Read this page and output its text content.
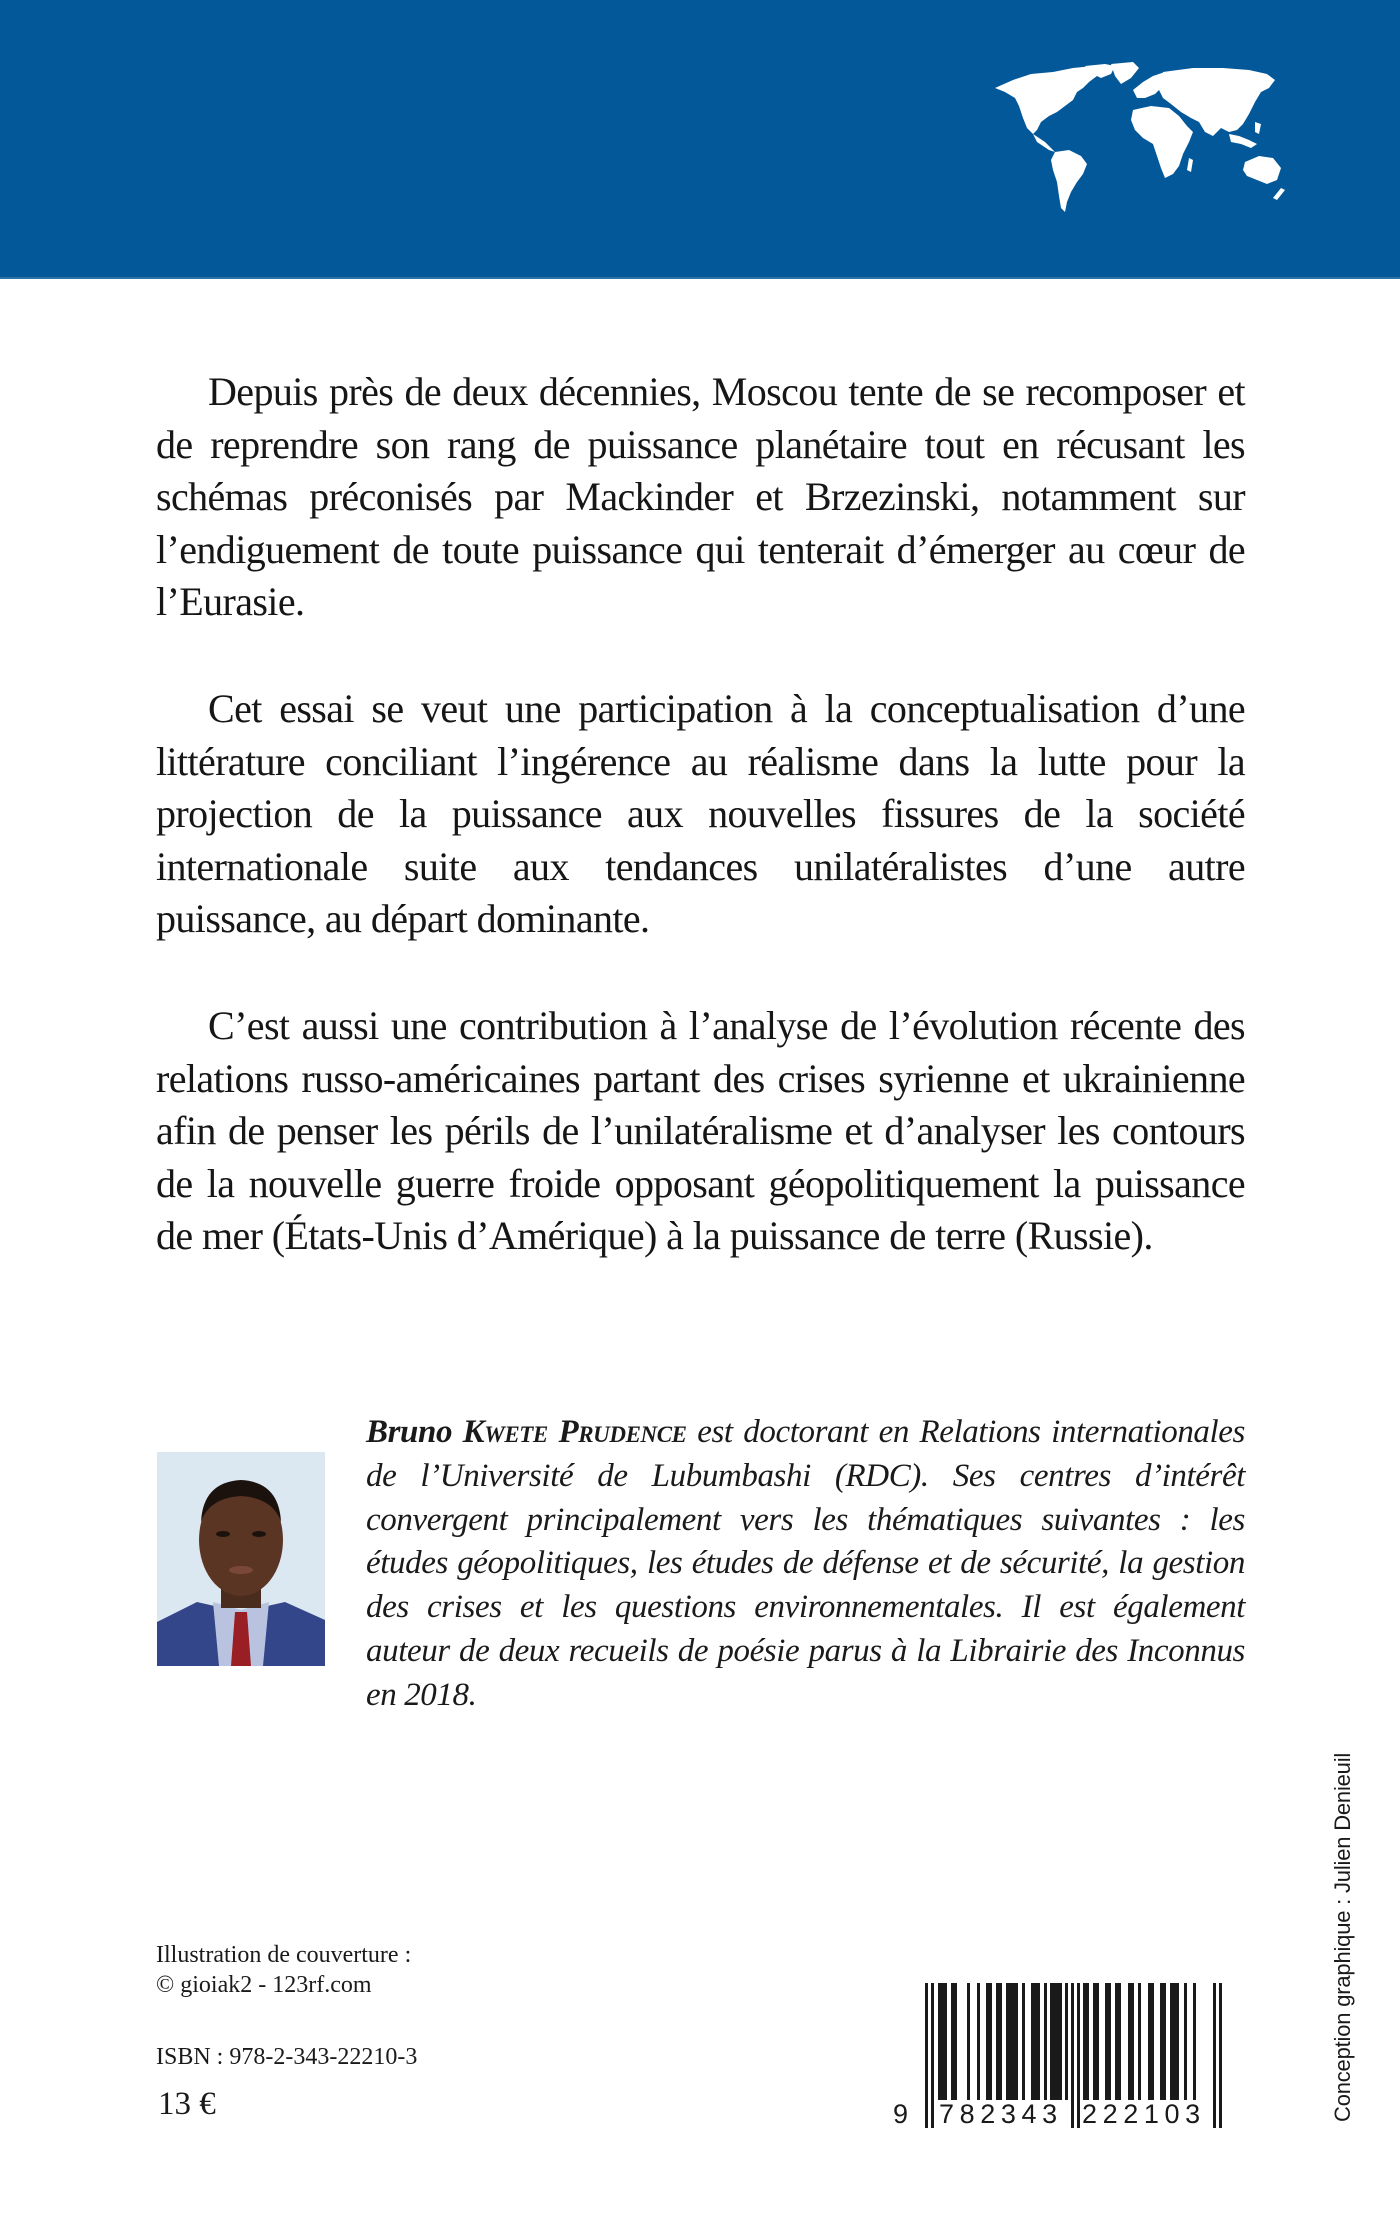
Depuis près de deux décennies, Moscou tente de se recomposer et de reprendre son rang de puissance planétaire tout en récusant les schémas préconisés par Mackinder et Brzezinski, notamment sur l’endiguement de toute puissance qui tenterait d’émerger au cœur de l’Eurasie.

Cet essai se veut une participation à la conceptualisation d’une littérature conciliant l’ingérence au réalisme dans la lutte pour la projection de la puissance aux nouvelles fissures de la société internationale suite aux tendances unilatéralistes d’une autre puissance, au départ dominante.

C’est aussi une contribution à l’analyse de l’évolution récente des relations russo-américaines partant des crises syrienne et ukrainienne afin de penser les périls de l’unilatéralisme et d’analyser les contours de la nouvelle guerre froide opposant géopolitiquement la puissance de mer (États-Unis d’Amérique) à la puissance de terre (Russie).

Bruno Kwete Prudence est doctorant en Relations internationales de l’Université de Lubumbashi (RDC). Ses centres d’intérêt convergent principalement vers les thématiques suivantes : les études géopolitiques, les études de défense et de sécurité, la gestion des crises et les questions environnementales. Il est également auteur de deux recueils de poésie parus à la Librairie des Inconnus en 2018.

Illustration de couverture :
© gioiak2 - 123rf.com
ISBN : 978-2-343-22210-3
13 €	9 782343 222103	Conception graphique : Julien Denieuil
